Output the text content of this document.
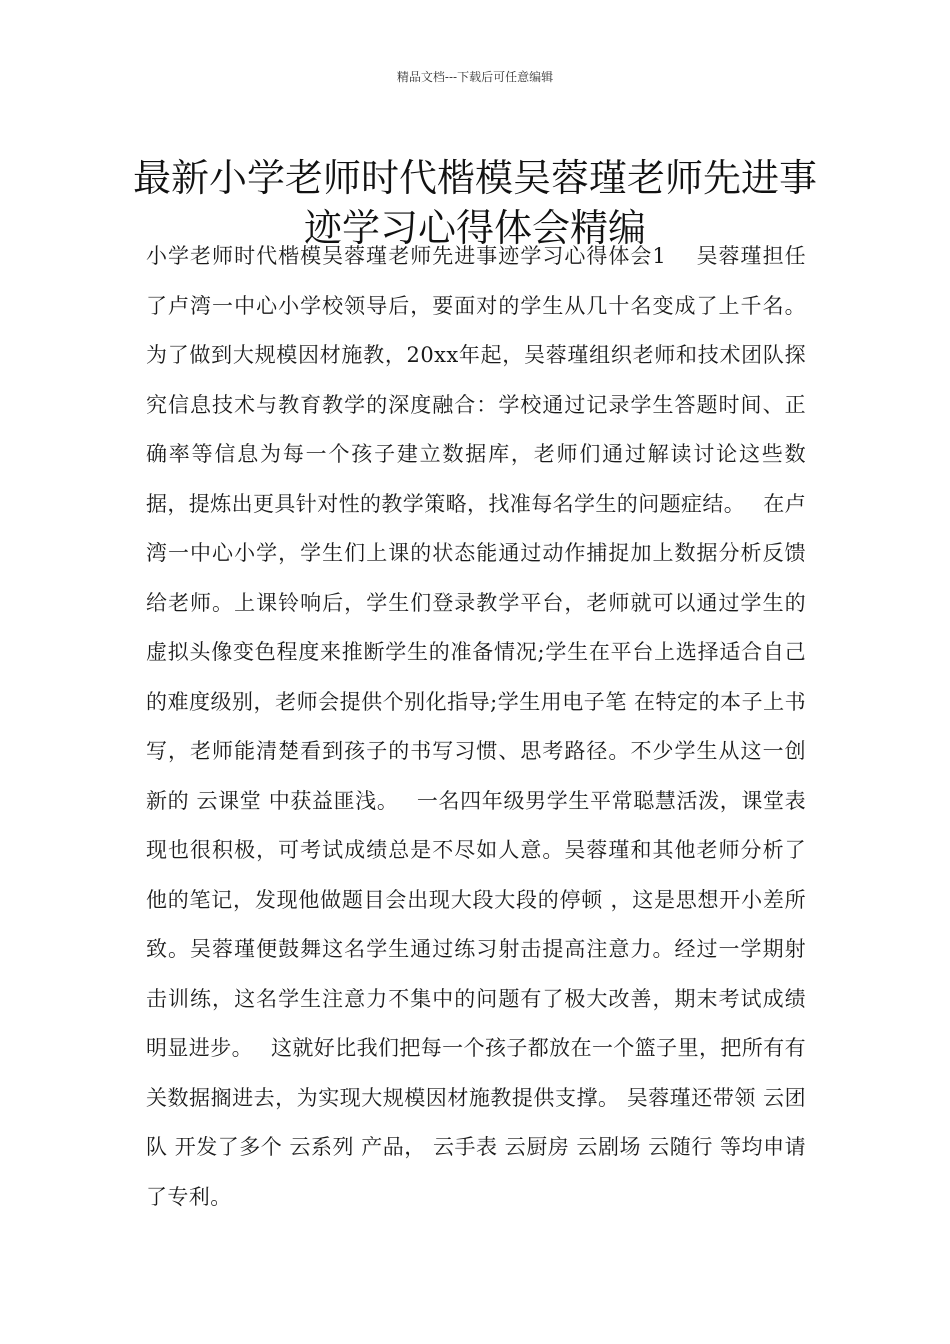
精品文档---下载后可任意编辑
最新小学老师时代楷模吴蓉瑾老师先进事迹学习心得体会精编
小学老师时代楷模吴蓉瑾老师先进事迹学习心得体会1　 吴蓉瑾担任了卢湾一中心小学校领导后，要面对的学生从几十名变成了上千名。为了做到大规模因材施教，20xx年起，吴蓉瑾组织老师和技术团队探究信息技术与教育教学的深度融合：学校通过记录学生答题时间、正确率等信息为每一个孩子建立数据库，老师们通过解读讨论这些数据，提炼出更具针对性的教学策略，找准每名学生的问题症结。　 在卢湾一中心小学，学生们上课的状态能通过动作捕捉加上数据分析反馈给老师。上课铃响后，学生们登录教学平台，老师就可以通过学生的虚拟头像变色程度来推断学生的准备情况;学生在平台上选择适合自己的难度级别，老师会提供个别化指导;学生用电子笔 在特定的本子上书写，老师能清楚看到孩子的书写习惯、思考路径。不少学生从这一创新的 云课堂 中获益匪浅。　 一名四年级男学生平常聪慧活泼，课堂表现也很积极，可考试成绩总是不尽如人意。吴蓉瑾和其他老师分析了他的笔记，发现他做题目会出现大段大段的停顿 ，这是思想开小差所致。吴蓉瑾便鼓舞这名学生通过练习射击提高注意力。经过一学期射击训练，这名学生注意力不集中的问题有了极大改善，期末考试成绩明显进步。　 这就好比我们把每一个孩子都放在一个篮子里，把所有有关数据搁进去，为实现大规模因材施教提供支撑。 吴蓉瑾还带领 云团队 开发了多个 云系列 产品， 云手表 云厨房 云剧场 云随行 等均申请了专利。
